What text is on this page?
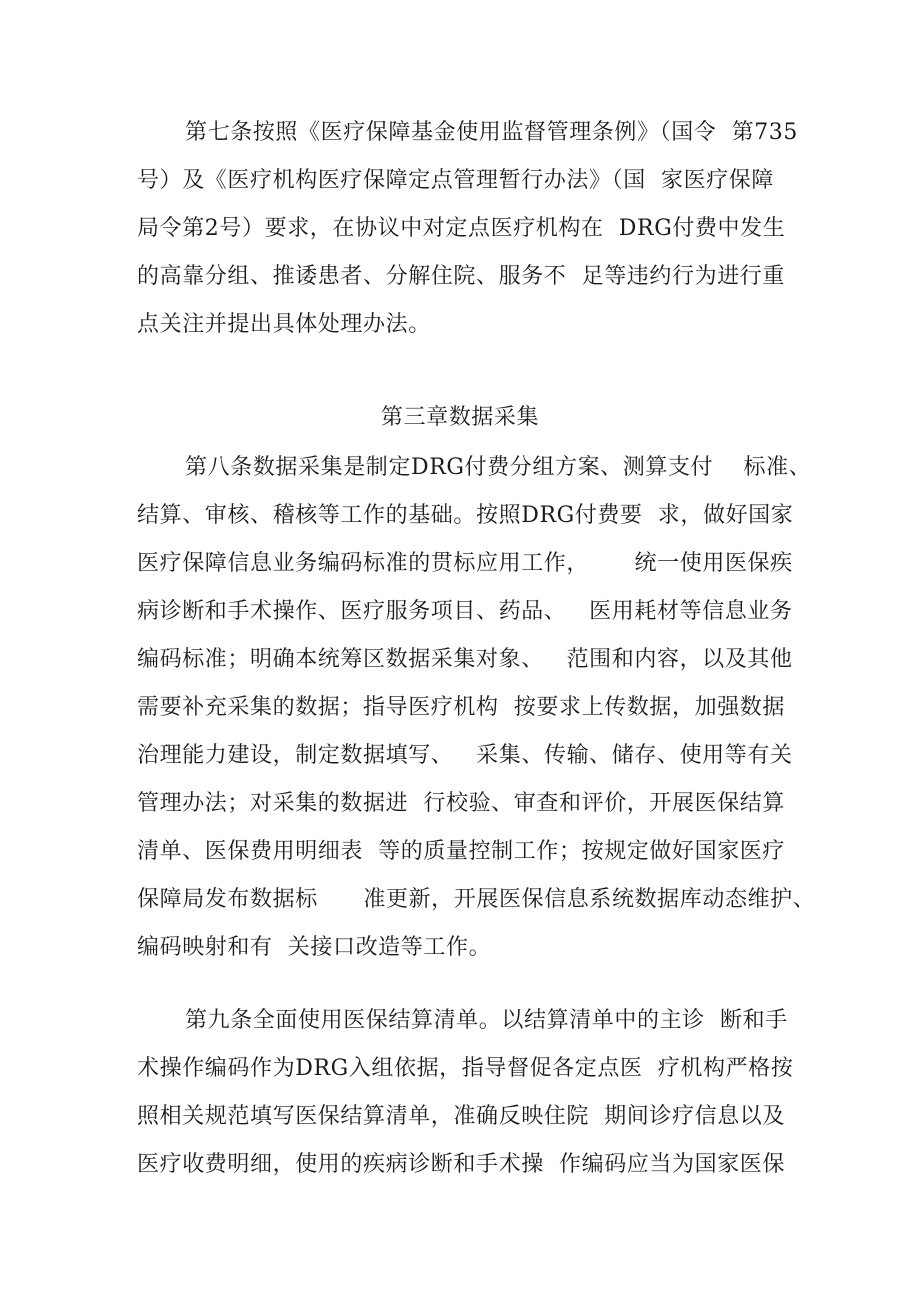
第七条按照《医疗保障基金使用监督管理条例》（国令  第735
号）及《医疗机构医疗保障定点管理暂行办法》（国  家医疗保障
局令第2号）要求，在协议中对定点医疗机构在  DRG付费中发生
的高靠分组、推诿患者、分解住院、服务不  足等违约行为进行重
点关注并提出具体处理办法。
第三章数据采集
第八条数据采集是制定DRG付费分组方案、测算支付    标准、
结算、审核、稽核等工作的基础。按照DRG付费要  求，做好国家
医疗保障信息业务编码标准的贯标应用工作，      统一使用医保疾
病诊断和手术操作、医疗服务项目、药品、   医用耗材等信息业务
编码标准；明确本统筹区数据采集对象、   范围和内容，以及其他
需要补充采集的数据；指导医疗机构  按要求上传数据，加强数据
治理能力建设，制定数据填写、   采集、传输、储存、使用等有关
管理办法；对采集的数据进  行校验、审查和评价，开展医保结算
清单、医保费用明细表  等的质量控制工作；按规定做好国家医疗
保障局发布数据标      准更新，开展医保信息系统数据库动态维护、
编码映射和有  关接口改造等工作。
第九条全面使用医保结算清单。以结算清单中的主诊  断和手
术操作编码作为DRG入组依据，指导督促各定点医  疗机构严格按
照相关规范填写医保结算清单，准确反映住院  期间诊疗信息以及
医疗收费明细，使用的疾病诊断和手术操  作编码应当为国家医保
